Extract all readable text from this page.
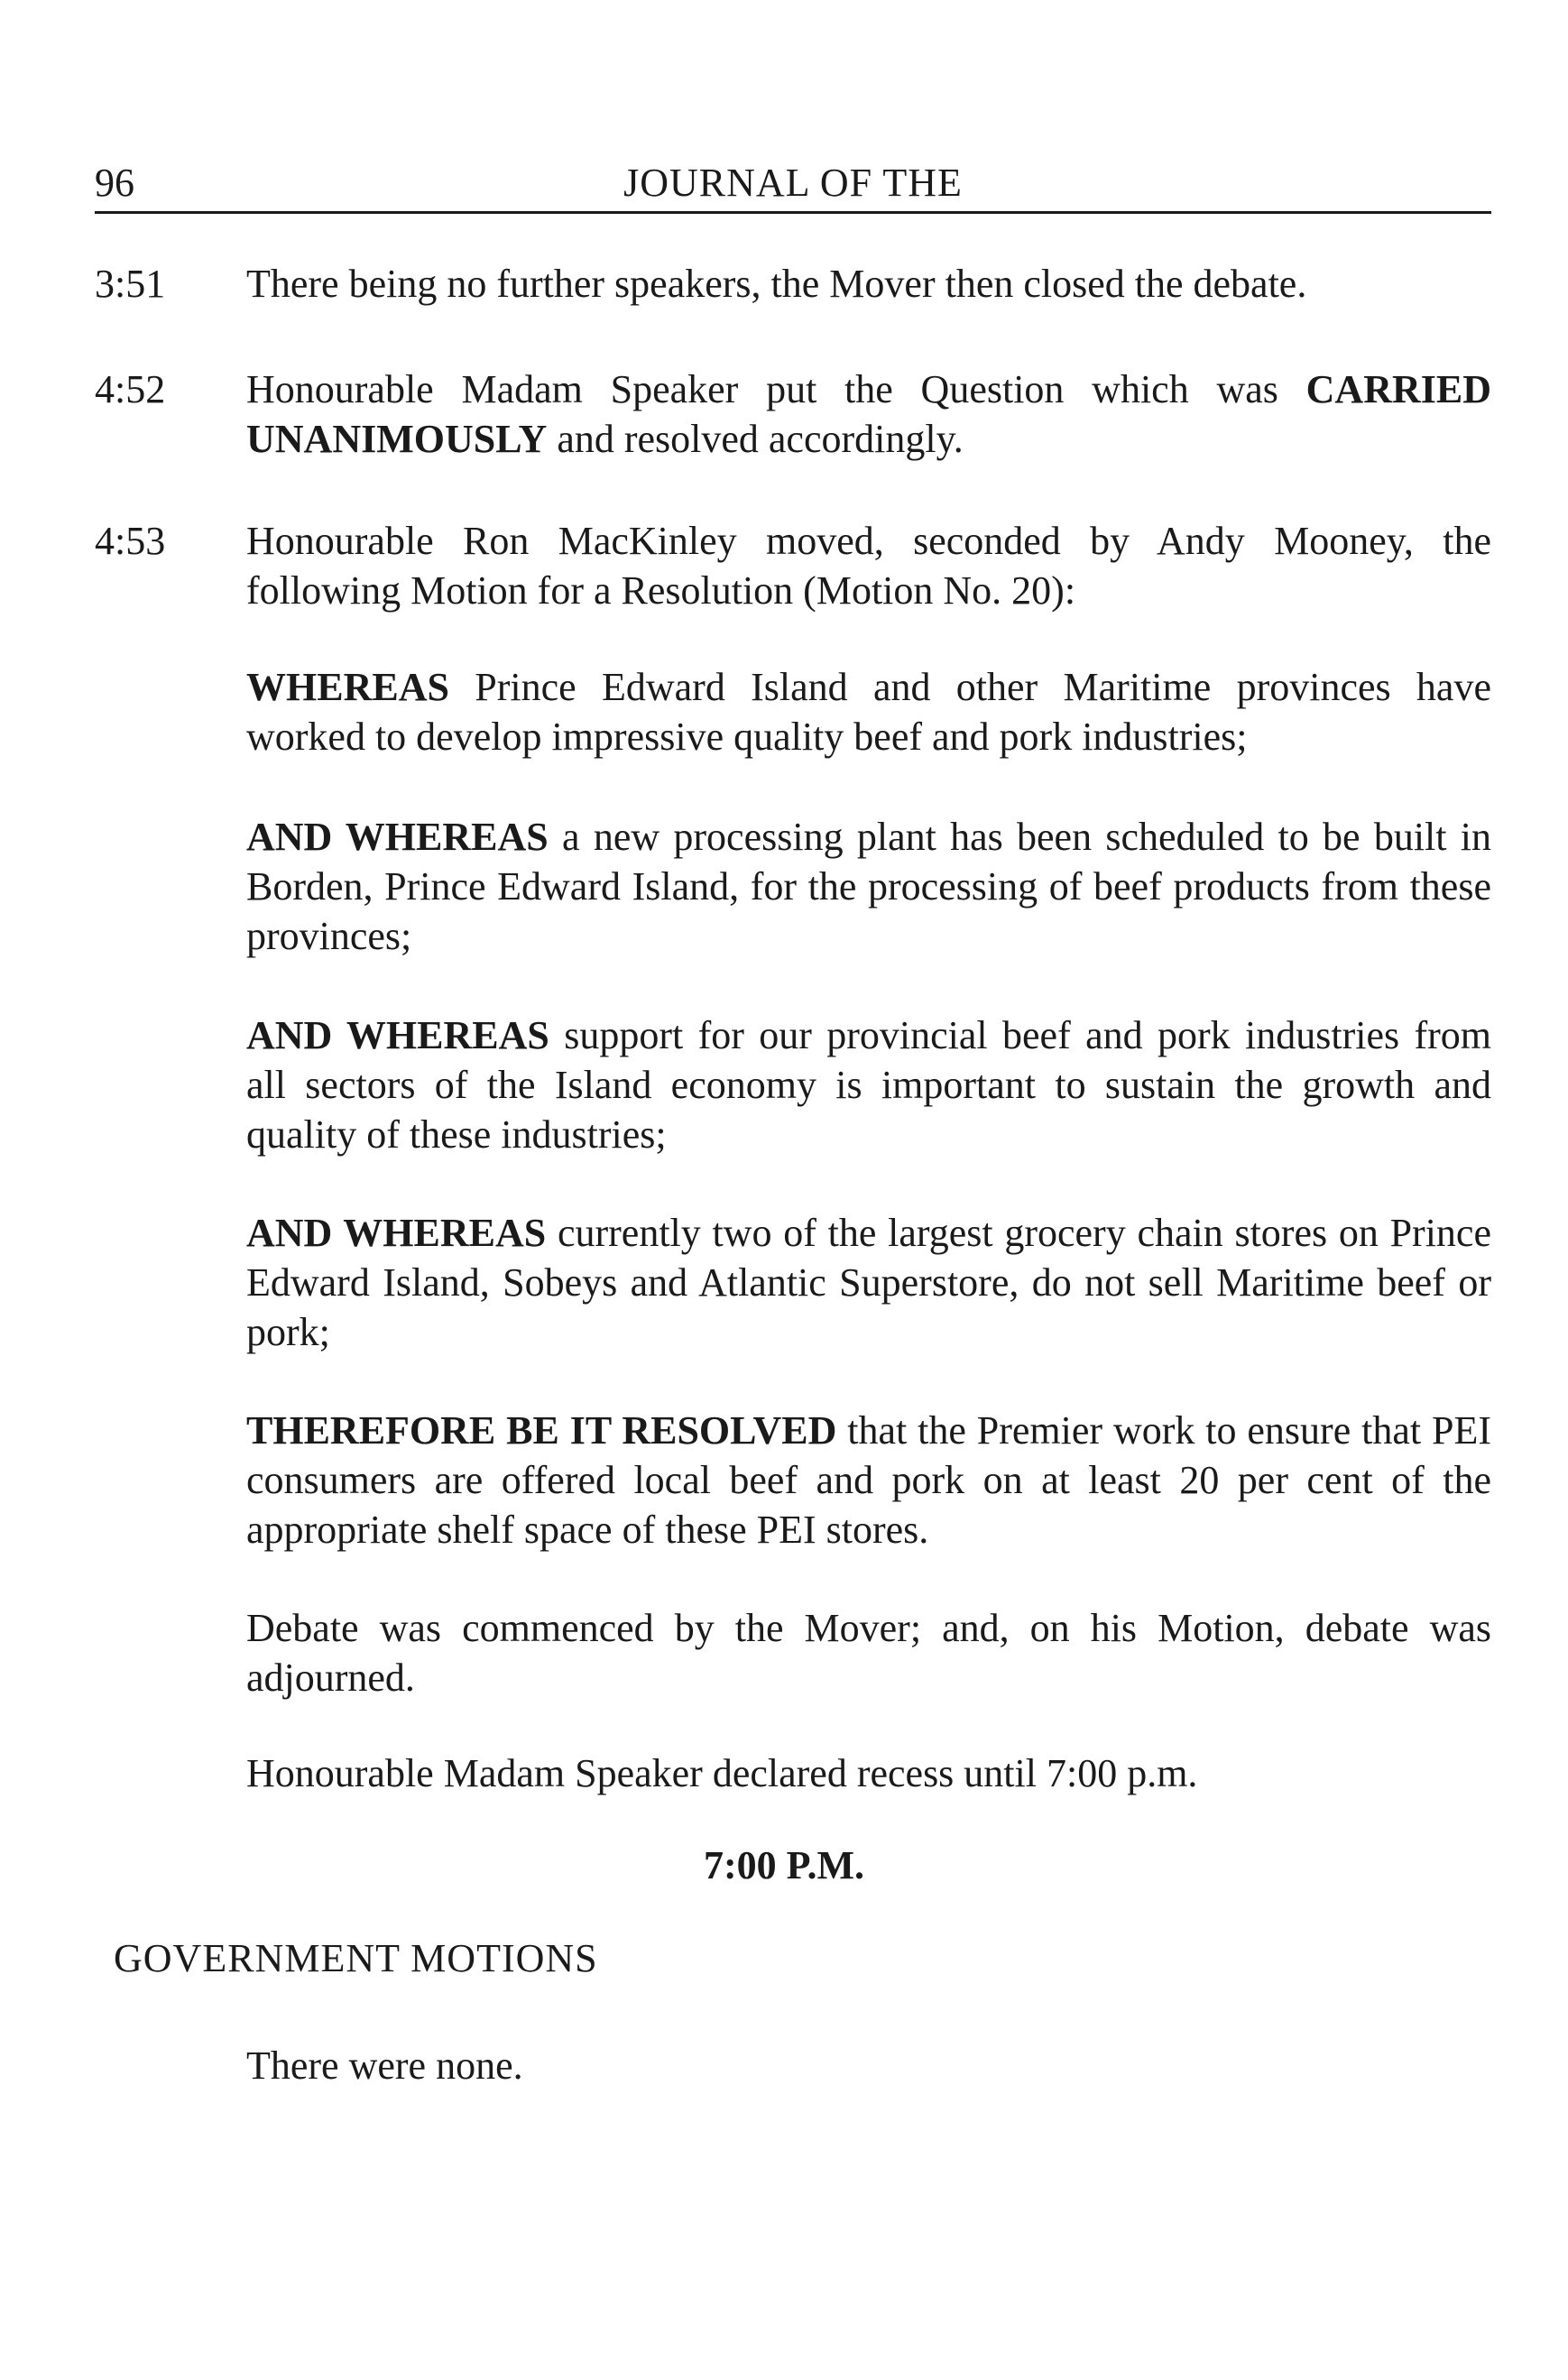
96	JOURNAL OF THE
3:51 There being no further speakers, the Mover then closed the debate.
4:52 Honourable Madam Speaker put the Question which was CARRIED UNANIMOUSLY and resolved accordingly.
4:53 Honourable Ron MacKinley moved, seconded by Andy Mooney, the following Motion for a Resolution (Motion No. 20):
WHEREAS Prince Edward Island and other Maritime provinces have worked to develop impressive quality beef and pork industries;
AND WHEREAS a new processing plant has been scheduled to be built in Borden, Prince Edward Island, for the processing of beef products from these provinces;
AND WHEREAS support for our provincial beef and pork industries from all sectors of the Island economy is important to sustain the growth and quality of these industries;
AND WHEREAS currently two of the largest grocery chain stores on Prince Edward Island, Sobeys and Atlantic Superstore, do not sell Maritime beef or pork;
THEREFORE BE IT RESOLVED that the Premier work to ensure that PEI consumers are offered local beef and pork on at least 20 per cent of the appropriate shelf space of these PEI stores.
Debate was commenced by the Mover; and, on his Motion, debate was adjourned.
Honourable Madam Speaker declared recess until 7:00 p.m.
7:00 P.M.
GOVERNMENT MOTIONS
There were none.
